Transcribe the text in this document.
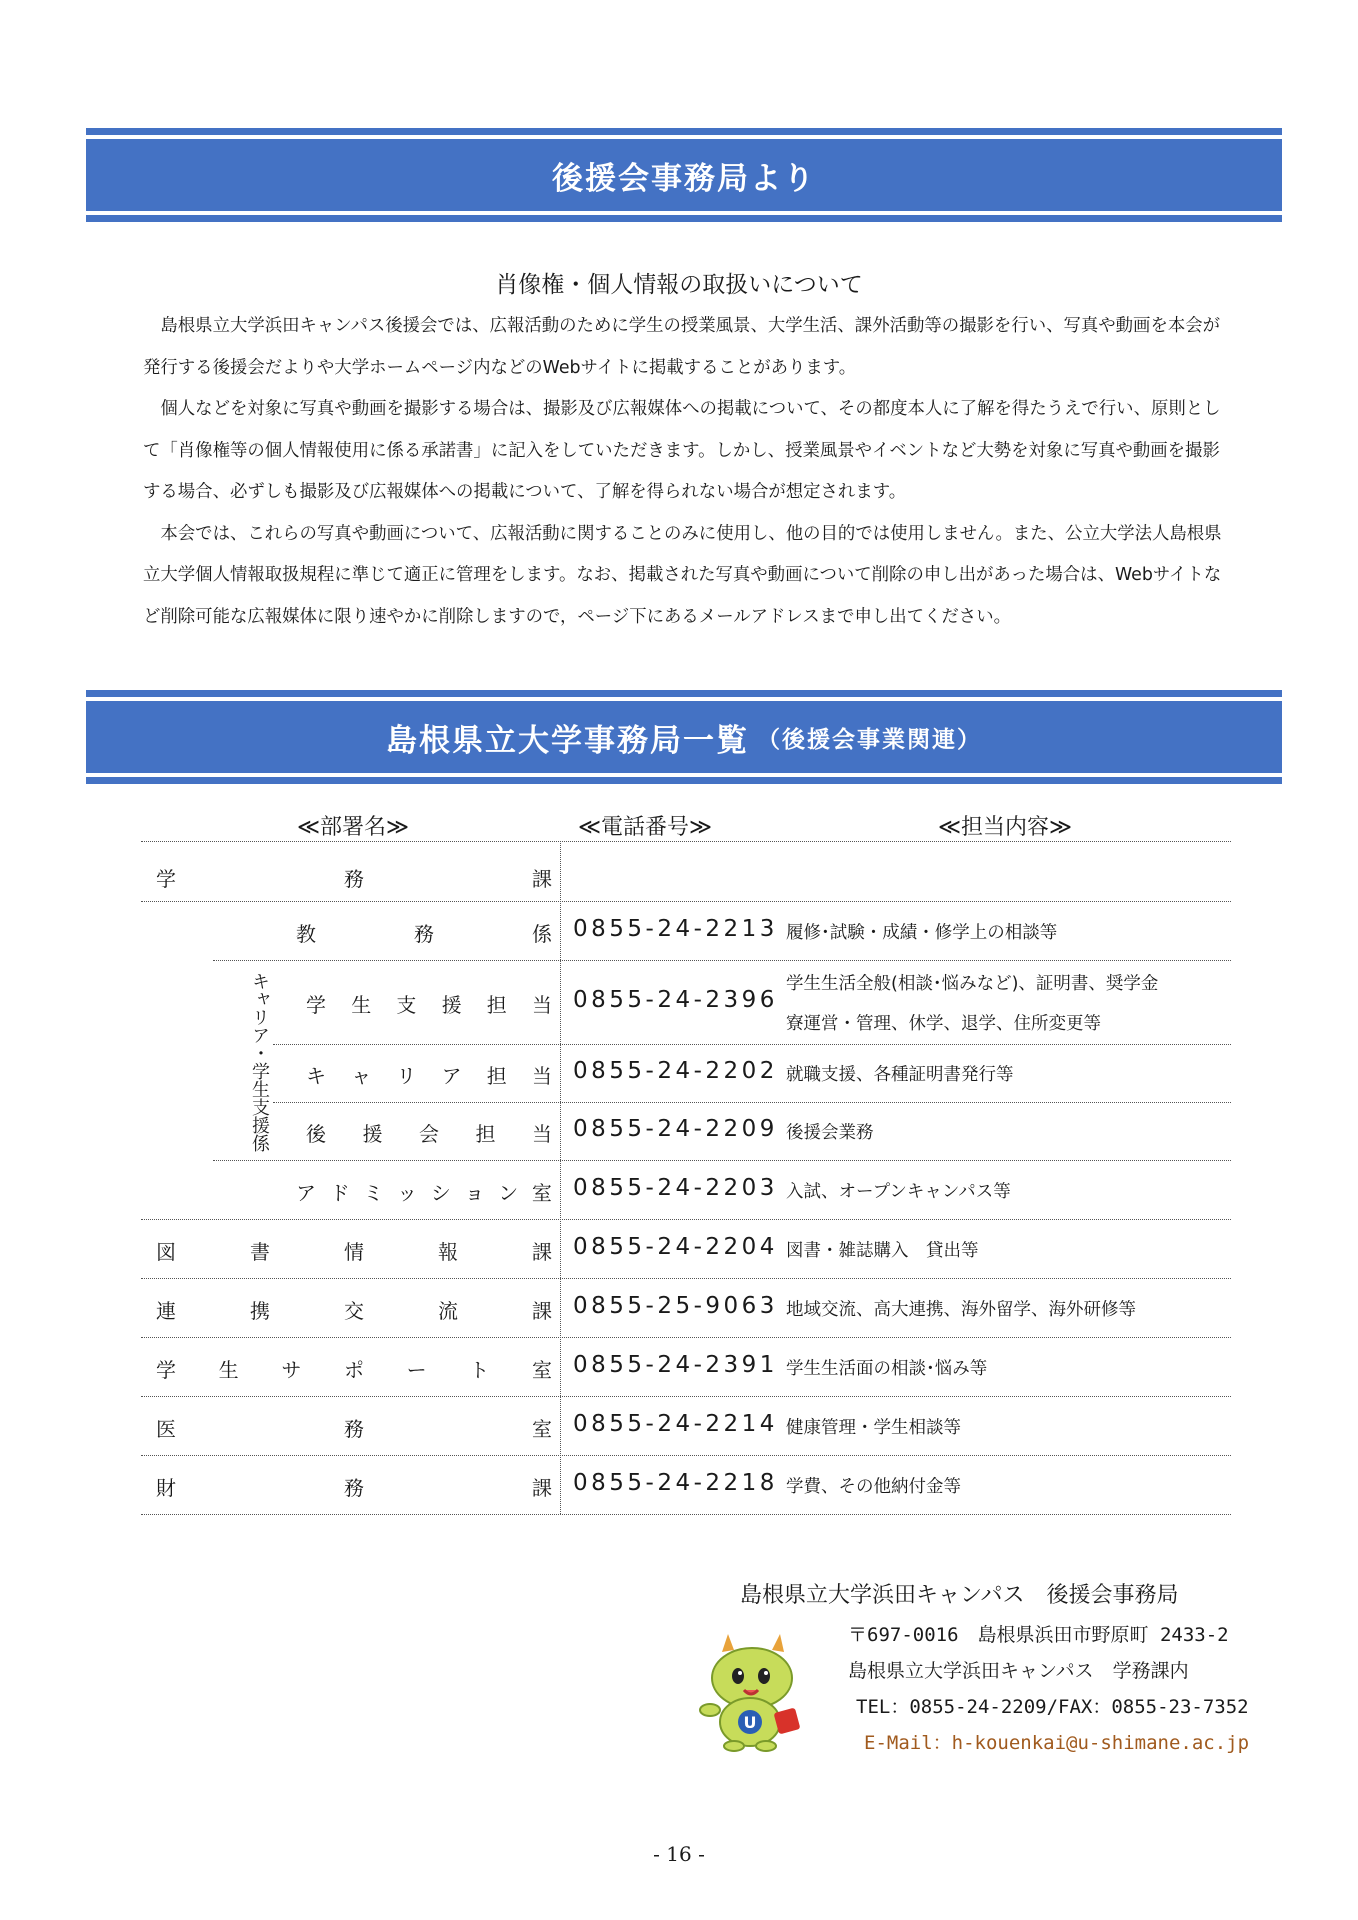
後援会事務局より
肖像権・個人情報の取扱いについて

　島根県立大学浜田キャンパス後援会では、広報活動のために学生の授業風景、大学生活、課外活動等の撮影を行い、写真や動画を本会が発行する後援会だよりや大学ホームページ内などのWebサイトに掲載することがあります。

　個人などを対象に写真や動画を撮影する場合は、撮影及び広報媒体への掲載について、その都度本人に了解を得たうえで行い、原則として「肖像権等の個人情報使用に係る承諾書」に記入をしていただきます。しかし、授業風景やイベントなど大勢を対象に写真や動画を撮影する場合、必ずしも撮影及び広報媒体への掲載について、了解を得られない場合が想定されます。

　本会では、これらの写真や動画について、広報活動に関することのみに使用し、他の目的では使用しません。また、公立大学法人島根県立大学個人情報取扱規程に準じて適正に管理をします。なお、掲載された写真や動画について削除の申し出があった場合は、Webサイトなど削除可能な広報媒体に限り速やかに削除しますので，ページ下にあるメールアドレスまで申し出てください。

島根県立大学事務局一覧 （後援会事業関連）
≪部署名≫	≪電話番号≫	≪担当内容≫
キャリア・学生支援係
学	務	課
教	務	係 0855-24-2213 履修･試験・成績・修学上の相談等
学 生 支 援 担 当 0855-24-2396
学生生活全般(相談･悩みなど)、証明書、奨学金
寮運営・管理、休学、退学、住所変更等
キ ャ リ ア 担 当 0855-24-2202 就職支援、各種証明書発行等
後 援 会 担 当 0855-24-2209 後援会業務
ア ド ミ ッ シ ョ ン 室 0855-24-2203 入試、オープンキャンパス等
図	書	情	報	課 0855-24-2204 図書・雑誌購入　貸出等
連	携	交	流	課 0855-25-9063 地域交流、高大連携、海外留学、海外研修等
学 生 サ ポ ー ト 室 0855-24-2391 学生生活面の相談･悩み等
医	務	室 0855-24-2214 健康管理・学生相談等
財	務	課 0855-24-2218 学費、その他納付金等
島根県立大学浜田キャンパス　後援会事務局
〒697-0016　島根県浜田市野原町 2433-2
島根県立大学浜田キャンパス　学務課内
TEL：0855-24-2209/FAX：0855-23-7352
E-Mail：h-kouenkai@u-shimane.ac.jp
U
- 16 -
